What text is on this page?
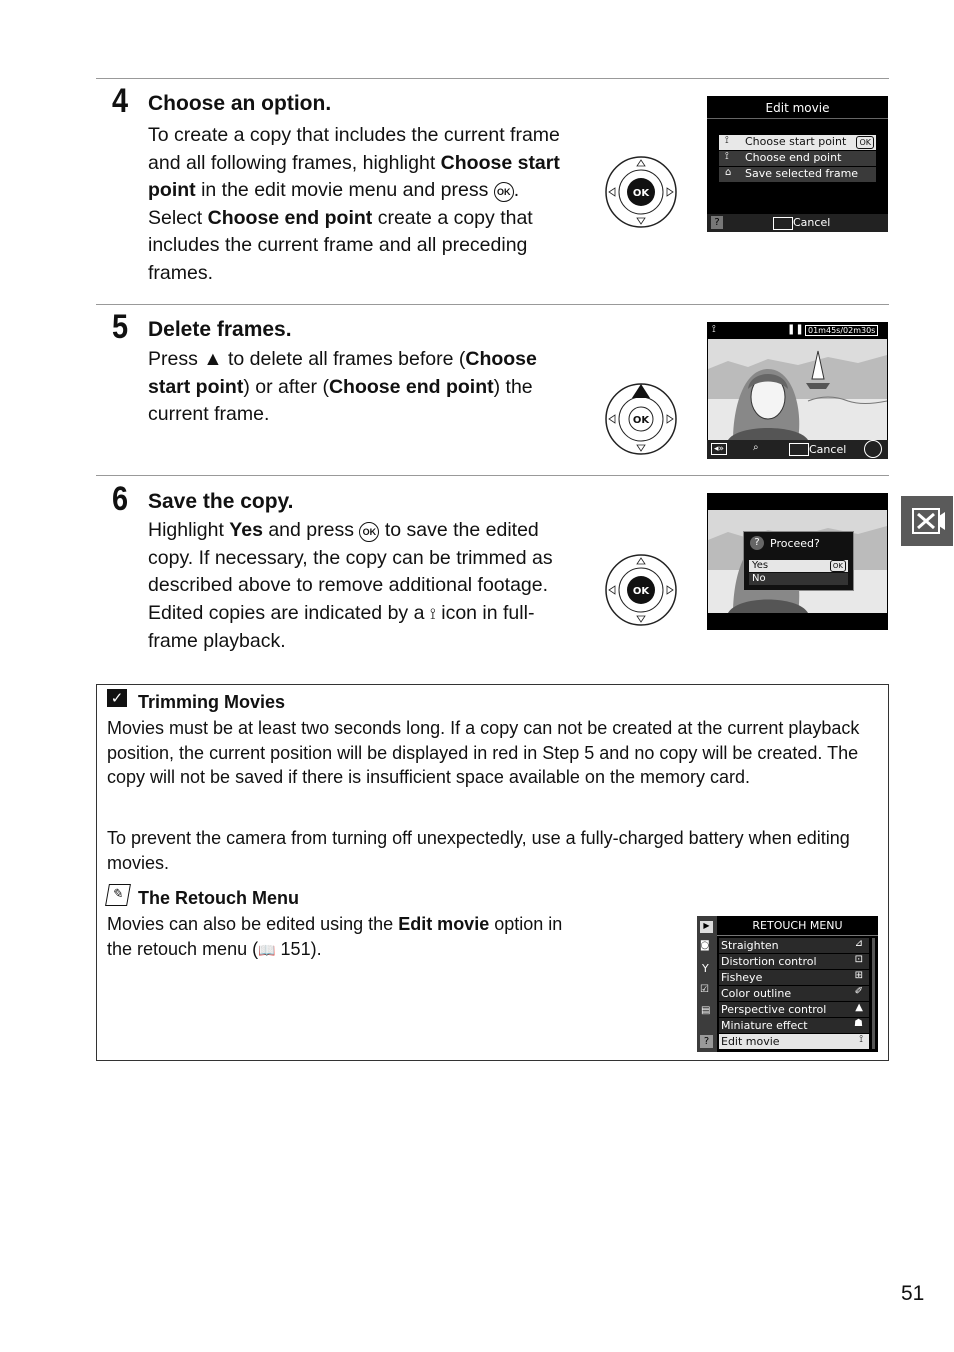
4 Choose an option.
To create a copy that includes the current frame and all following frames, highlight Choose start point in the edit movie menu and press OK . Select Choose end point create a copy that includes the current frame and all preceding frames.
OK
Edit movie
Choose start point	OK
⟟
Choose end point
⟟
Save selected frame
⌂
?	Cancel
5 Delete frames.
Press ▲ to delete all frames before (Choose start point) or after (Choose end point) the current frame.	OK
⟟	❚❚ 01m45s/02m30s
◂»	⌕	Cancel
6 Save the copy.
Highlight Yes and press OK to save the edited copy. If necessary, the copy can be trimmed as described above to remove additional footage. Edited copies are indicated by a ⟟ icon in full-frame playback.
OK
? Proceed?
Yes	OK
No
✓ Trimming Movies
Movies must be at least two seconds long. If a copy can not be created at the current playback position, the current position will be displayed in red in Step 5 and no copy will be created. The copy will not be saved if there is insufficient space available on the memory card.
To prevent the camera from turning off unexpectedly, use a fully-charged battery when editing movies.
✎ The Retouch Menu
Movies can also be edited using the Edit movie option in the retouch menu (📖 151).
▶
◙
Y
☑
▤
?
RETOUCH MENU
Straighten	⊿
Distortion control	⊡
Fisheye	⊞
Color outline	✐
Perspective control	▲
Miniature effect	☗
Edit movie	⟟
51
